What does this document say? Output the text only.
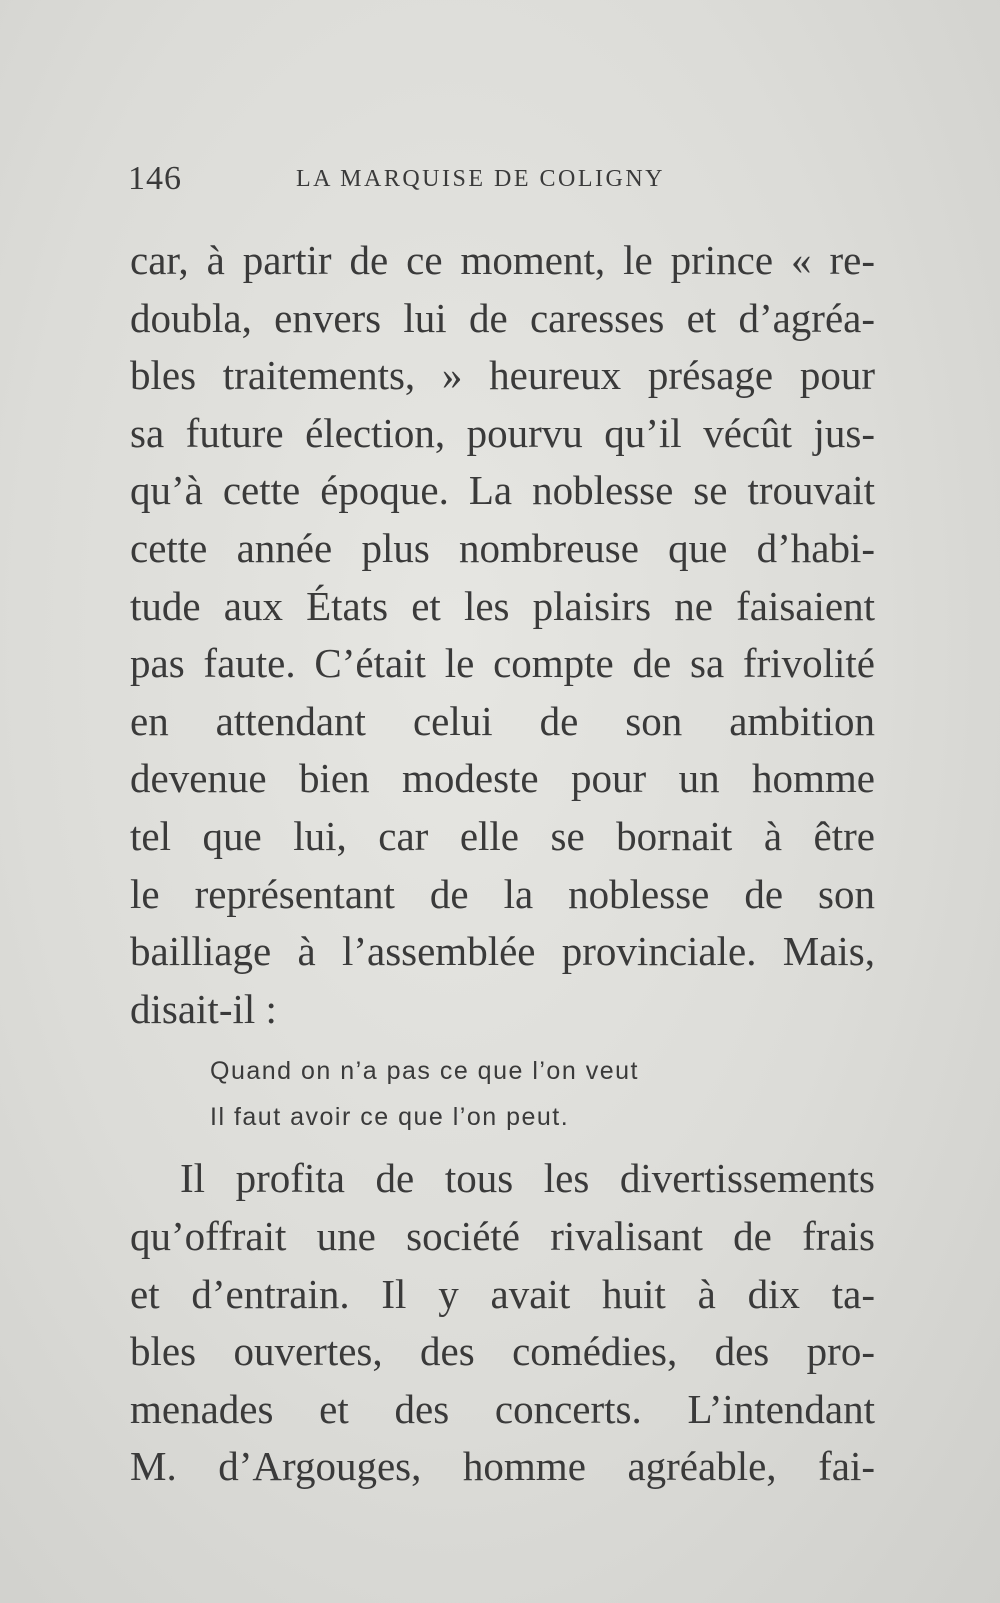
146	LA MARQUISE DE COLIGNY
car, à partir de ce moment, le prince « re-
doubla, envers lui de caresses et d’agréa-
bles traitements, » heureux présage pour
sa future élection, pourvu qu’il vécût jus-
qu’à cette époque. La noblesse se trouvait
cette année plus nombreuse que d’habi-
tude aux États et les plaisirs ne faisaient
pas faute. C’était le compte de sa frivolité
en attendant celui de son ambition
devenue bien modeste pour un homme
tel que lui, car elle se bornait à être
le représentant de la noblesse de son
bailliage à l’assemblée provinciale. Mais,
disait-il :
Quand on n’a pas ce que l’on veut
Il faut avoir ce que l’on peut.
Il profita de tous les divertissements
qu’offrait une société rivalisant de frais
et d’entrain. Il y avait huit à dix ta-
bles ouvertes, des comédies, des pro-
menades et des concerts. L’intendant
M. d’Argouges, homme agréable, fai-
